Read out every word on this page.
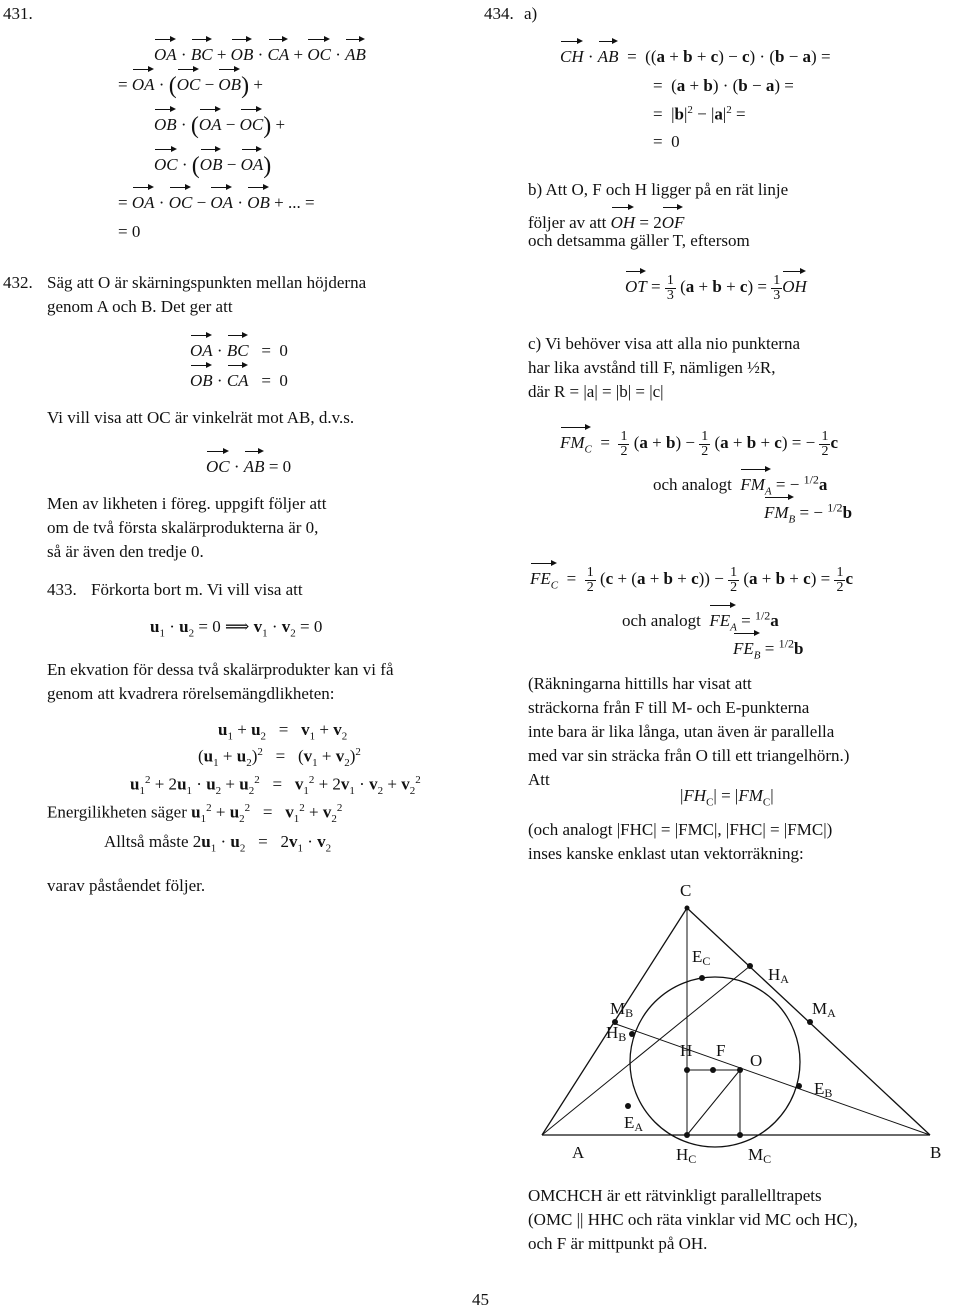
431.
OA · BC + OB · CA + OC · AB
= OA · (OC − OB) +
OB · (OA − OC) +
OC · (OB − OA)
= OA · OC − OA · OB + ... =
= 0
432. Säg att O är skärningspunkten mellan höjderna
genom A och B. Det ger att
OA · BC   =  0
OB · CA   =  0
Vi vill visa att OC är vinkelrät mot AB, d.v.s.
OC · AB = 0
Men av likheten i föreg. uppgift följer att
om de två första skalärprodukterna är 0,
så är även den tredje 0.
433. Förkorta bort m. Vi vill visa att
$u_1 \cdot u_2 = 0$ ⟹ $v_1 \cdot v_2 = 0$
En ekvation för dessa två skalärprodukter kan vi få
genom att kvadrera rörelsemängdlikheten:
$u_1 + u_2 = v_1 + v_2$
$(u_1 + u_2)^2 = (v_1 + v_2)^2$
$u_1^2 + 2u_1 \cdot u_2 + u_2^2 = v_1^2 + 2v_1 \cdot v_2 + v_2^2$
Energilikheten säger $u_1^2 + u_2^2 = v_1^2 + v_2^2$
Alltså måste $2u_1 \cdot u_2 = 2v_1 \cdot v_2$
varav påståendet följer.
434. a)
CH · AB  =  ((a + b + c) − c) · (b − a) =
=  (a + b) · (b − a) =
=  $|b|^2 - |a|^2$ =
=  0
b) Att O, F och H ligger på en rät linje
följer av att OH = 2OF
och detsamma gäller T, eftersom
OT = $\frac{1}{3} (a + b + c) = \frac{1}{3}$ OH
c) Vi behöver visa att alla nio punkterna
har lika avstånd till F, nämligen ½R,
där R = |a| = |b| = |c|
$FM_C = \frac{1}{2} (a + b) - \frac{1}{2} (a + b + c)$ = − $\frac{1}{2}$ c
och analogt $FM_A$ = − $^{1/2}$a
$FM_B$ = − $^{1/2}$b
$FE_C = \frac{1}{2} (c + (a + b + c)) - \frac{1}{2} (a + b + c) = \frac{1}{2}$ c
och analogt $FE_A = ^{1/2}a$
$FE_B = ^{1/2}b$
(Räkningarna hittills har visat att
sträckorna från F till M- och E-punkterna
inte bara är lika långa, utan även är parallella
med var sin sträcka från O till ett triangelhörn.)
Att
$|FH_C| = |FM_C|$
(och analogt |FHC| = |FMC|, |FHC| = |FMC|)
inses kanske enklast utan vektorräkning:
C
EC
HA
MB	MA
HB
H F
O
EB
EA
A	HC	MC	B
OMCHCH är ett rätvinkligt parallelltrapets
(OMC || HHC och räta vinklar vid MC och HC),
och F är mittpunkt på OH.
45
